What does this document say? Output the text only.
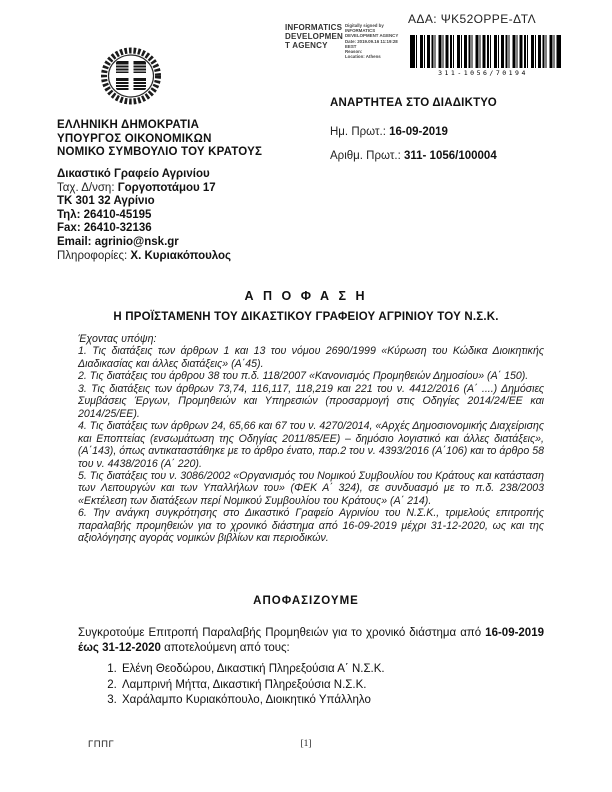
ΑΔΑ: ΨΚ52ΟΡΡΕ-ΔΤΛ
INFORMATICS
DEVELOPMEN
T AGENCY
Digitally signed by
INFORMATICS
DEVELOPMENT AGENCY
Date: 2019.09.16 11:19:28
EEST
Reason:
Location: Athens
311-1056/70194
ΑΝΑΡΤΗΤΕΑ ΣΤΟ ΔΙΑΔΙΚΤΥΟ
ΕΛΛΗΝΙΚΗ ΔΗΜΟΚΡΑΤΙΑ
ΥΠΟΥΡΓΟΣ ΟΙΚΟΝΟΜΙΚΩΝ
ΝΟΜΙΚΟ ΣΥΜΒΟΥΛΙΟ ΤΟΥ ΚΡΑΤΟΥΣ
Ημ. Πρωτ.: 16-09-2019
Αριθμ. Πρωτ.: 311- 1056/100004
Δικαστικό Γραφείο Αγρινίου
Ταχ. Δ/νση: Γοργοποτάμου 17
ΤΚ 301 32 Αγρίνιο
Τηλ: 26410-45195
Fax: 26410-32136
Email: agrinio@nsk.gr
Πληροφορίες: Χ. Κυριακόπουλος
Α Π Ο Φ Α Σ Η
Η ΠΡΟΪΣΤΑΜΕΝΗ ΤΟΥ ΔΙΚΑΣΤΙΚΟΥ ΓΡΑΦΕΙΟΥ ΑΓΡΙΝΙΟΥ ΤΟΥ Ν.Σ.Κ.

Έχοντας υπόψη:

1. Τις διατάξεις των άρθρων 1 και 13 του νόμου 2690/1999 «Κύρωση του Κώδικα Διοικητικής Διαδικασίας και άλλες διατάξεις» (Α΄45).

2. Τις διατάξεις του άρθρου 38 του π.δ. 118/2007 «Κανονισμός Προμηθειών Δημοσίου» (Α΄ 150).

3. Τις διατάξεις των άρθρων 73,74, 116,117, 118,219 και 221 του ν. 4412/2016 (Α΄ ....) Δημόσιες Συμβάσεις Έργων, Προμηθειών και Υπηρεσιών (προσαρμογή στις Οδηγίες 2014/24/ΕΕ και 2014/25/ΕΕ).

4. Τις διατάξεις των άρθρων 24, 65,66 και 67 του ν. 4270/2014, «Αρχές Δημοσιονομικής Διαχείρισης και Εποπτείας (ενσωμάτωση της Οδηγίας 2011/85/ΕΕ) – δημόσιο λογιστικό και άλλες διατάξεις», (Α΄143), όπως αντικαταστάθηκε με το άρθρο ένατο, παρ.2 του ν. 4393/2016 (Α΄106) και το άρθρο 58 του ν. 4438/2016 (Α΄ 220).

5. Τις διατάξεις του ν. 3086/2002 «Οργανισμός του Νομικού Συμβουλίου του Κράτους και κατάσταση των Λειτουργών και των Υπαλλήλων του» (ΦΕΚ Α΄ 324), σε συνδυασμό με το π.δ. 238/2003 «Εκτέλεση των διατάξεων περί Νομικού Συμβουλίου του Κράτους» (Α΄ 214).

6. Την ανάγκη συγκρότησης στο Δικαστικό Γραφείο Αγρινίου του Ν.Σ.Κ., τριμελούς επιτροπής παραλαβής προμηθειών για το χρονικό διάστημα από 16-09-2019 μέχρι 31-12-2020, ως και της αξιολόγησης αγοράς νομικών βιβλίων και περιοδικών.

ΑΠΟΦΑΣΙΖΟΥΜΕ
Συγκροτούμε Επιτροπή Παραλαβής Προμηθειών για το χρονικό διάστημα από 16-09-2019 έως 31-12-2020 αποτελούμενη από τους:
1. Ελένη Θεοδώρου, Δικαστική Πληρεξούσια Α΄ Ν.Σ.Κ.
2. Λαμπρινή Μήττα, Δικαστική Πληρεξούσια Ν.Σ.Κ.
3. Χαράλαμπο Κυριακόπουλο, Διοικητικό Υπάλληλο
ΓΠΠΓ	[1]
